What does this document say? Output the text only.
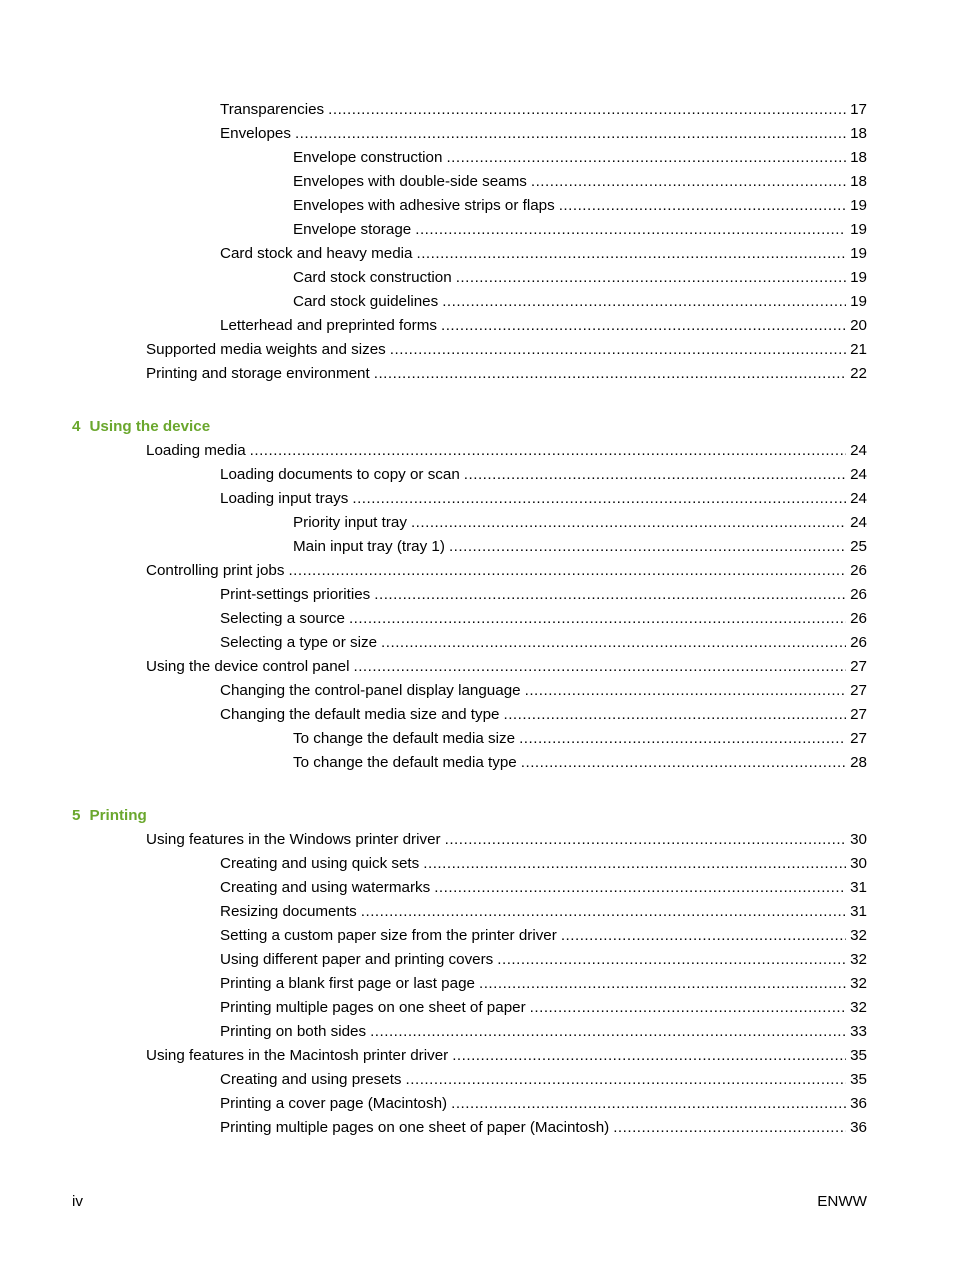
Transparencies .....	17
Envelopes .....	18
Envelope construction .....	18
Envelopes with double-side seams .....	18
Envelopes with adhesive strips or flaps .....	19
Envelope storage .....	19
Card stock and heavy media .....	19
Card stock construction .....	19
Card stock guidelines .....	19
Letterhead and preprinted forms .....	20
Supported media weights and sizes .....	21
Printing and storage environment .....	22
4 Using the device
Loading media .....	24
Loading documents to copy or scan .....	24
Loading input trays .....	24
Priority input tray .....	24
Main input tray (tray 1) .....	25
Controlling print jobs .....	26
Print-settings priorities .....	26
Selecting a source .....	26
Selecting a type or size .....	26
Using the device control panel .....	27
Changing the control-panel display language .....	27
Changing the default media size and type .....	27
To change the default media size .....	27
To change the default media type .....	28
5 Printing
Using features in the Windows printer driver .....	30
Creating and using quick sets .....	30
Creating and using watermarks .....	31
Resizing documents .....	31
Setting a custom paper size from the printer driver .....	32
Using different paper and printing covers .....	32
Printing a blank first page or last page .....	32
Printing multiple pages on one sheet of paper .....	32
Printing on both sides .....	33
Using features in the Macintosh printer driver .....	35
Creating and using presets .....	35
Printing a cover page (Macintosh) .....	36
Printing multiple pages on one sheet of paper (Macintosh) .....	36
iv	ENWW
